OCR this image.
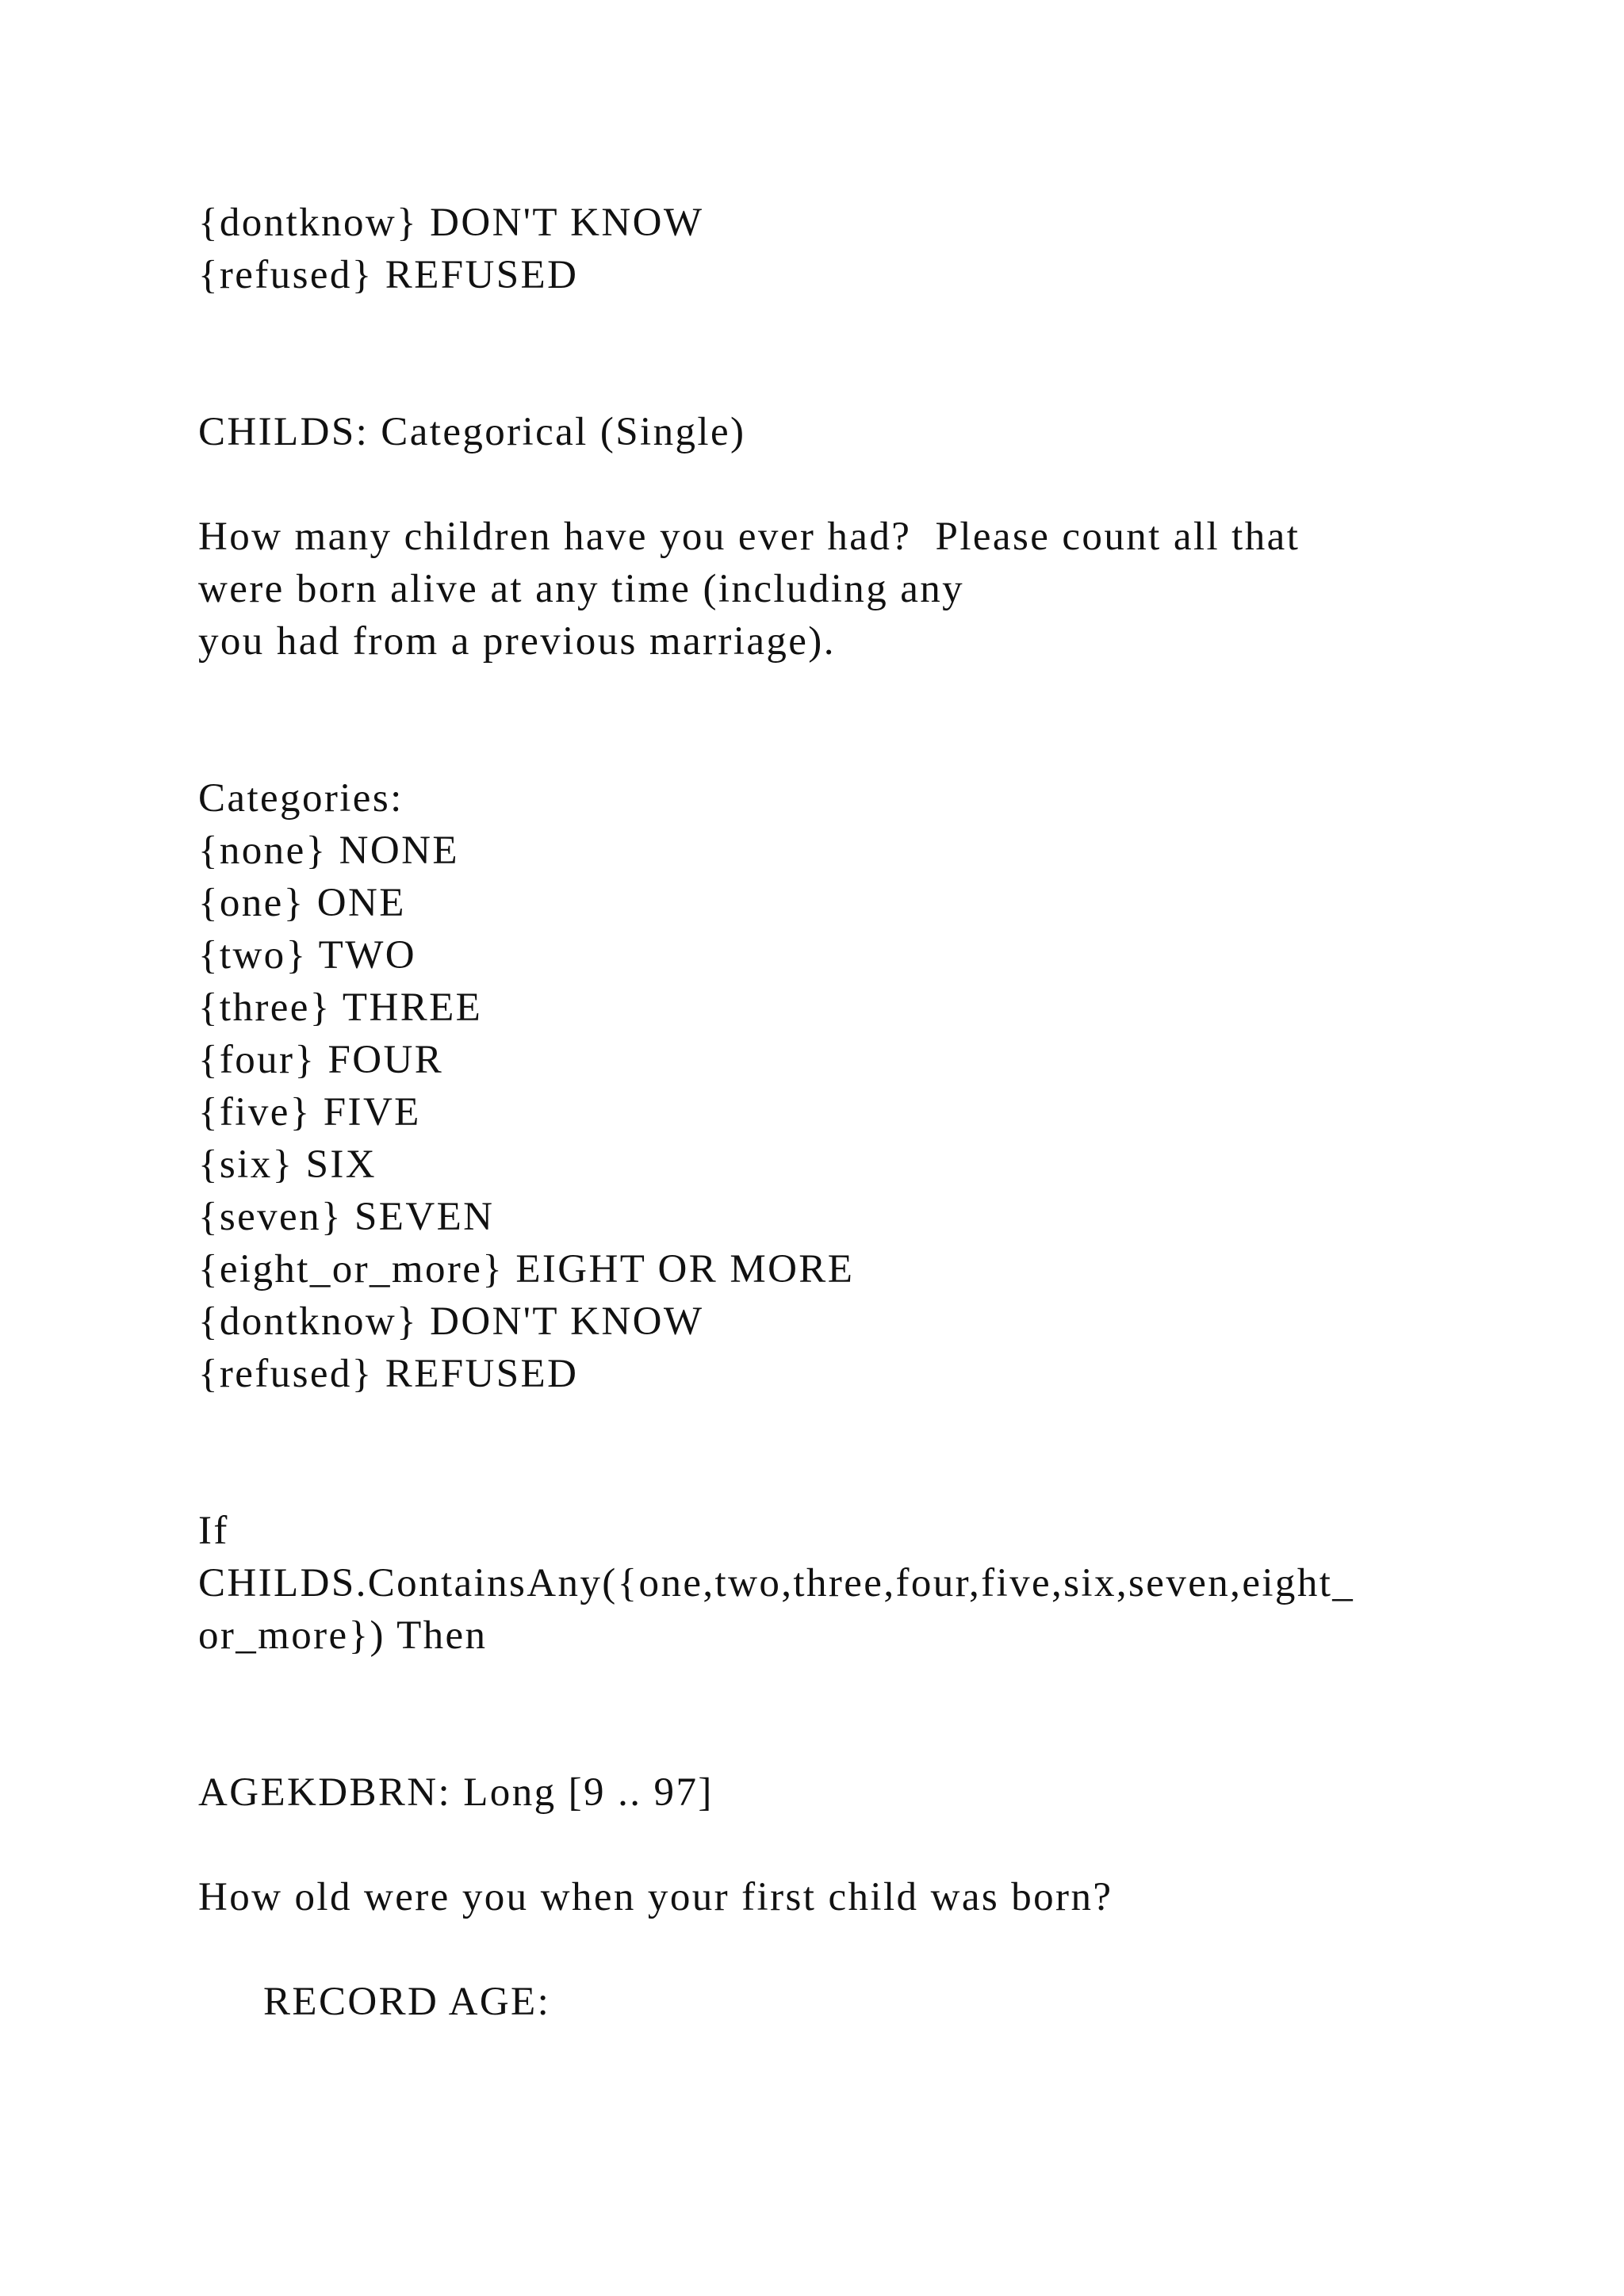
{dontknow} DON'T KNOW
{refused} REFUSED
CHILDS: Categorical (Single)
How many children have you ever had?  Please count all that
were born alive at any time (including any
you had from a previous marriage).
Categories:
{none} NONE
{one} ONE
{two} TWO
{three} THREE
{four} FOUR
{five} FIVE
{six} SIX
{seven} SEVEN
{eight_or_more} EIGHT OR MORE
{dontknow} DON'T KNOW
{refused} REFUSED
If
CHILDS.ContainsAny({one,two,three,four,five,six,seven,eight_
or_more}) Then
AGEKDBRN: Long [9 .. 97]
How old were you when your first child was born?
RECORD AGE:
